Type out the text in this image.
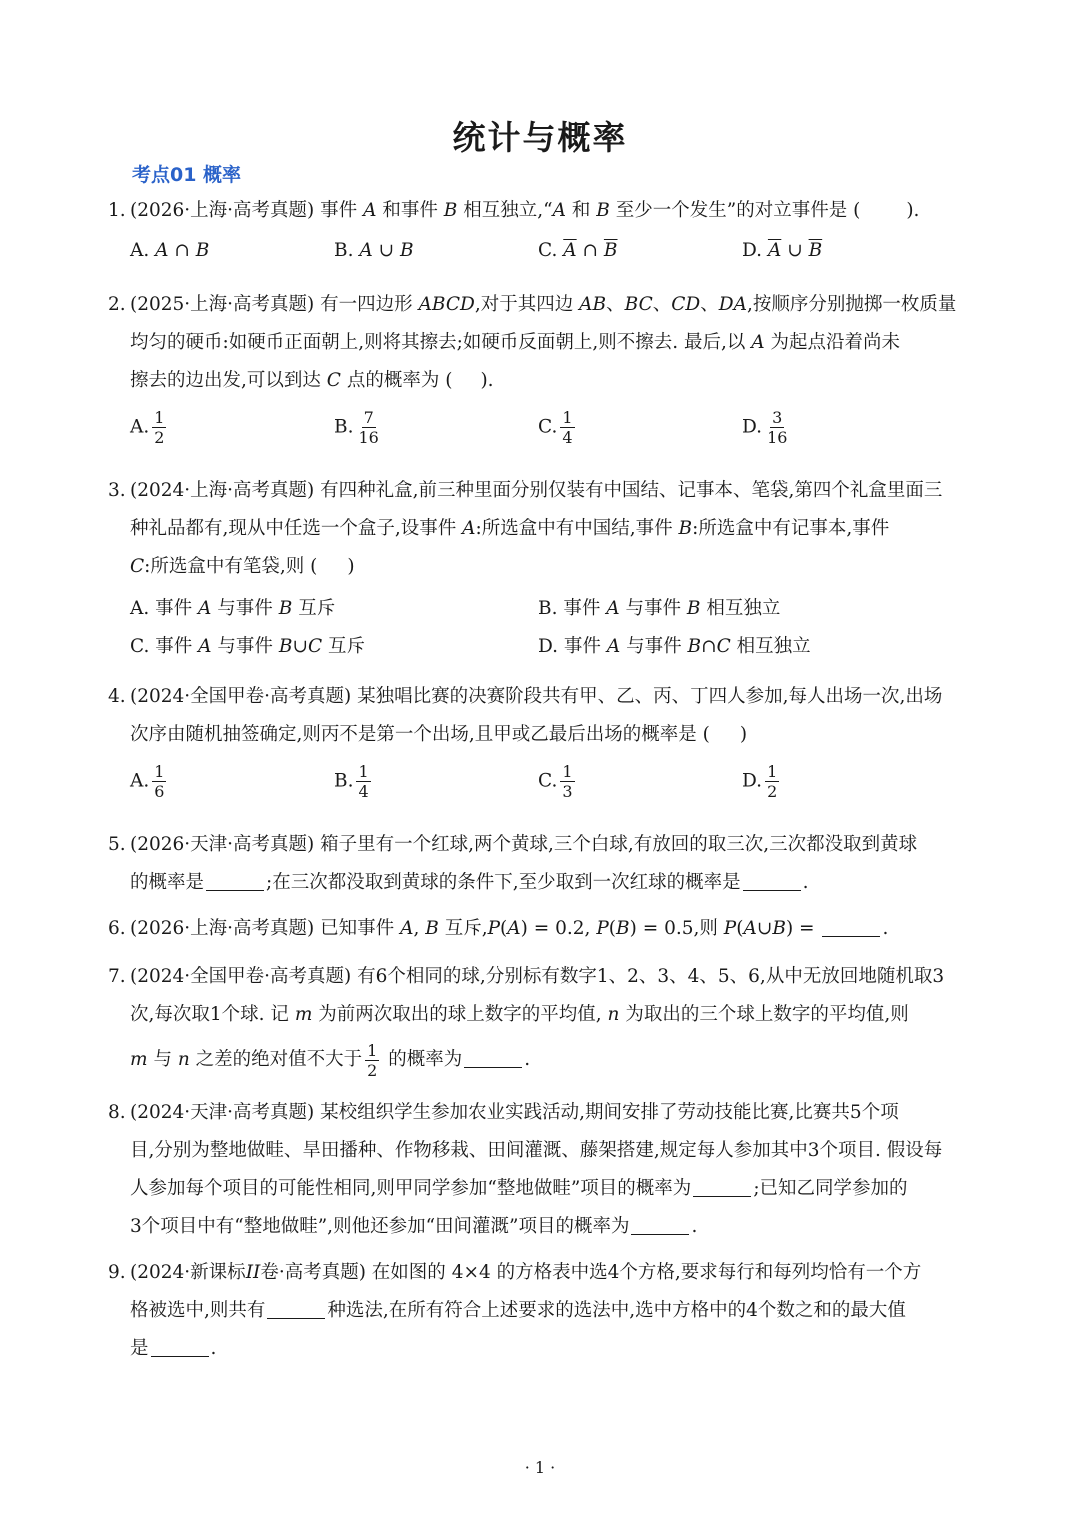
统计与概率
考点01 概率
1. (2026·上海·高考真题) 事件 A 和事件 B 相互独立,“A 和 B 至少一个发生”的对立事件是 ( ).
A. A ∩ B	B. A ∪ B	C. $\overline{A}$ ∩ $\overline{B}$	D. $\overline{A}$ ∪ $\overline{B}$
2. (2025·上海·高考真题) 有一四边形 ABCD,对于其四边 AB、BC、CD、DA,按顺序分别抛掷一枚质量
均匀的硬币:如硬币正面朝上,则将其擦去;如硬币反面朝上,则不擦去. 最后,以 A 为起点沿着尚未
擦去的边出发,可以到达 C 点的概率为 ( ).
A. $\frac{1}{2}$	B. $\frac{7}{16}$	C. $\frac{1}{4}$	D. $\frac{3}{16}$
3. (2024·上海·高考真题) 有四种礼盒,前三种里面分别仅装有中国结、记事本、笔袋,第四个礼盒里面三
种礼品都有,现从中任选一个盒子,设事件 A:所选盒中有中国结,事件 B:所选盒中有记事本,事件
C:所选盒中有笔袋,则 ( )
A. 事件 A 与事件 B 互斥	B. 事件 A 与事件 B 相互独立
C. 事件 A 与事件 B∪C 互斥	D. 事件 A 与事件 B∩C 相互独立
4. (2024·全国甲卷·高考真题) 某独唱比赛的决赛阶段共有甲、乙、丙、丁四人参加,每人出场一次,出场
次序由随机抽签确定,则丙不是第一个出场,且甲或乙最后出场的概率是 ( )
A. $\frac{1}{6}$	B. $\frac{1}{4}$	C. $\frac{1}{3}$	D. $\frac{1}{2}$
5. (2026·天津·高考真题) 箱子里有一个红球,两个黄球,三个白球,有放回的取三次,三次都没取到黄球
的概率是	;在三次都没取到黄球的条件下,至少取到一次红球的概率是	.
6. (2026·上海·高考真题) 已知事件 A, B 互斥,P(A) = 0.2, P(B) = 0.5,则 P(A∪B) =	.
7. (2024·全国甲卷·高考真题) 有6个相同的球,分别标有数字1、2、3、4、5、6,从中无放回地随机取3
次,每次取1个球. 记 m 为前两次取出的球上数字的平均值, n 为取出的三个球上数字的平均值,则
m 与 n 之差的绝对值不大于 $\frac{1}{2}$ 的概率为	.
8. (2024·天津·高考真题) 某校组织学生参加农业实践活动,期间安排了劳动技能比赛,比赛共5个项
目,分别为整地做畦、旱田播种、作物移栽、田间灌溉、藤架搭建,规定每人参加其中3个项目. 假设每
人参加每个项目的可能性相同,则甲同学参加“整地做畦”项目的概率为	;已知乙同学参加的
3个项目中有“整地做畦”,则他还参加“田间灌溉”项目的概率为	.
9. (2024·新课标II卷·高考真题) 在如图的 4×4 的方格表中选4个方格,要求每行和每列均恰有一个方
格被选中,则共有	种选法,在所有符合上述要求的选法中,选中方格中的4个数之和的最大值
是	.
· 1 ·
